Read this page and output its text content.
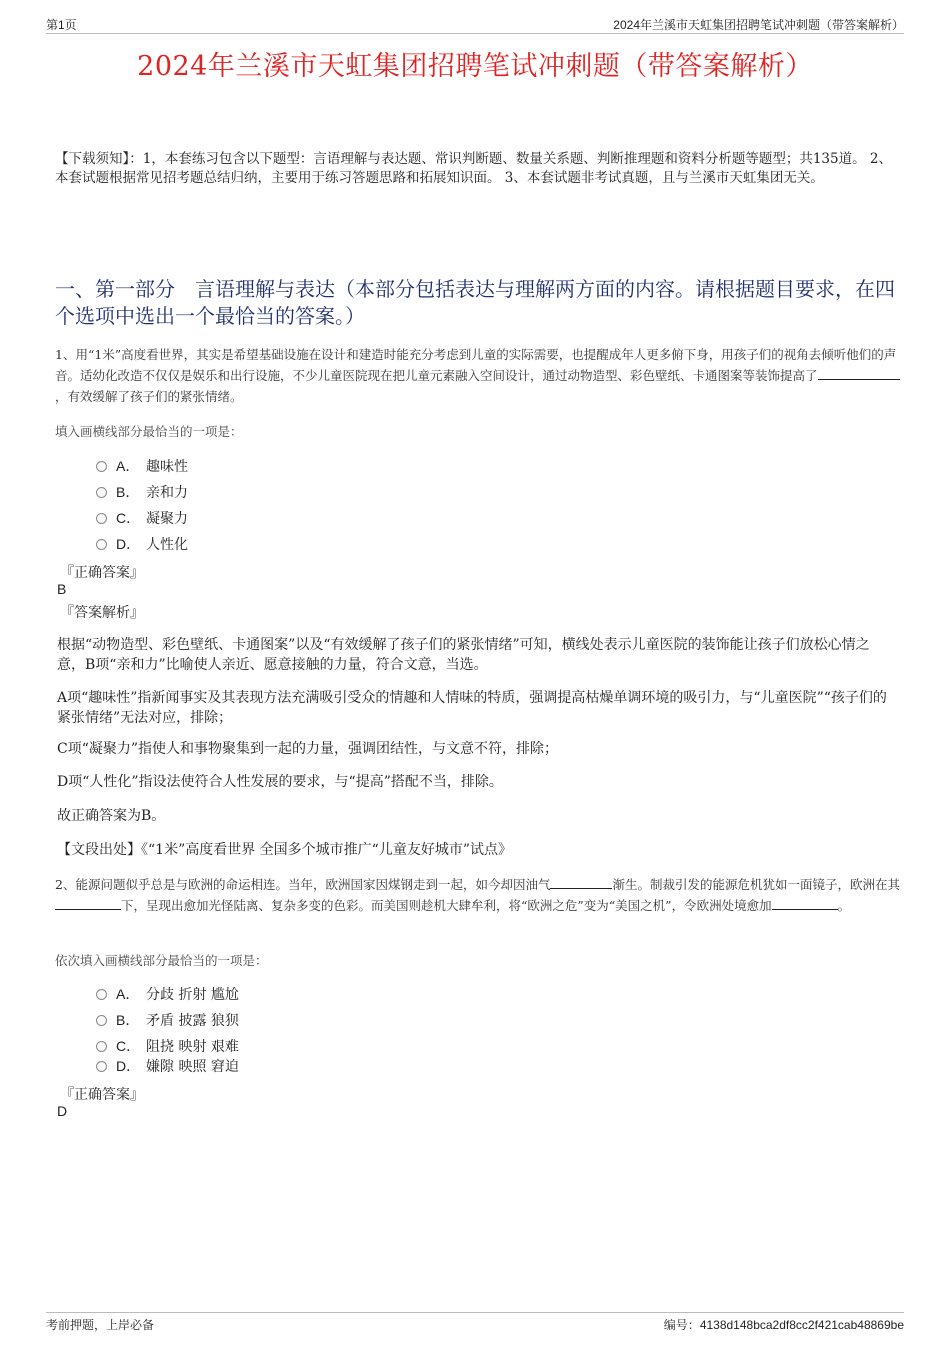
第1页	2024年兰溪市天虹集团招聘笔试冲刺题（带答案解析）
2024年兰溪市天虹集团招聘笔试冲刺题（带答案解析）
【下载须知】：1，本套练习包含以下题型：言语理解与表达题、常识判断题、数量关系题、判断推理题和资料分析题等题型；共135道。 2、本套试题根据常见招考题总结归纳，主要用于练习答题思路和拓展知识面。 3、本套试题非考试真题，且与兰溪市天虹集团无关。
一、第一部分　言语理解与表达（本部分包括表达与理解两方面的内容。请根据题目要求，在四个选项中选出一个最恰当的答案。）
1、用“1米”高度看世界，其实是希望基础设施在设计和建造时能充分考虑到儿童的实际需要，也提醒成年人更多俯下身，用孩子们的视角去倾听他们的声音。适幼化改造不仅仅是娱乐和出行设施，不少儿童医院现在把儿童元素融入空间设计，通过动物造型、彩色壁纸、卡通图案等装饰提高了，有效缓解了孩子们的紧张情绪。
填入画横线部分最恰当的一项是：
A． 趣味性
B． 亲和力
C． 凝聚力
D． 人性化
『正确答案』
B
『答案解析』
根据“动物造型、彩色壁纸、卡通图案”以及“有效缓解了孩子们的紧张情绪”可知，横线处表示儿童医院的装饰能让孩子们放松心情之意，B项“亲和力”比喻使人亲近、愿意接触的力量，符合文意，当选。
A项“趣味性”指新闻事实及其表现方法充满吸引受众的情趣和人情味的特质，强调提高枯燥单调环境的吸引力，与“儿童医院”“孩子们的紧张情绪”无法对应，排除；
C项“凝聚力”指使人和事物聚集到一起的力量，强调团结性，与文意不符，排除；
D项“人性化”指设法使符合人性发展的要求，与“提高”搭配不当，排除。
故正确答案为B。
【文段出处】《“1米”高度看世界 全国多个城市推广“儿童友好城市”试点》
2、能源问题似乎总是与欧洲的命运相连。当年，欧洲国家因煤钢走到一起，如今却因油气	渐生。制裁引发的能源危机犹如一面镜子，欧洲在其下，呈现出愈加光怪陆离、复杂多变的色彩。而美国则趁机大肆牟利，将“欧洲之危”变为“美国之机”，令欧洲处境愈加	。
依次填入画横线部分最恰当的一项是：
A． 分歧 折射 尴尬
B． 矛盾 披露 狼狈
C． 阻挠 映射 艰难
D． 嫌隙 映照 窘迫
『正确答案』
D
考前押题，上岸必备	编号：4138d148bca2df8cc2f421cab48869be
